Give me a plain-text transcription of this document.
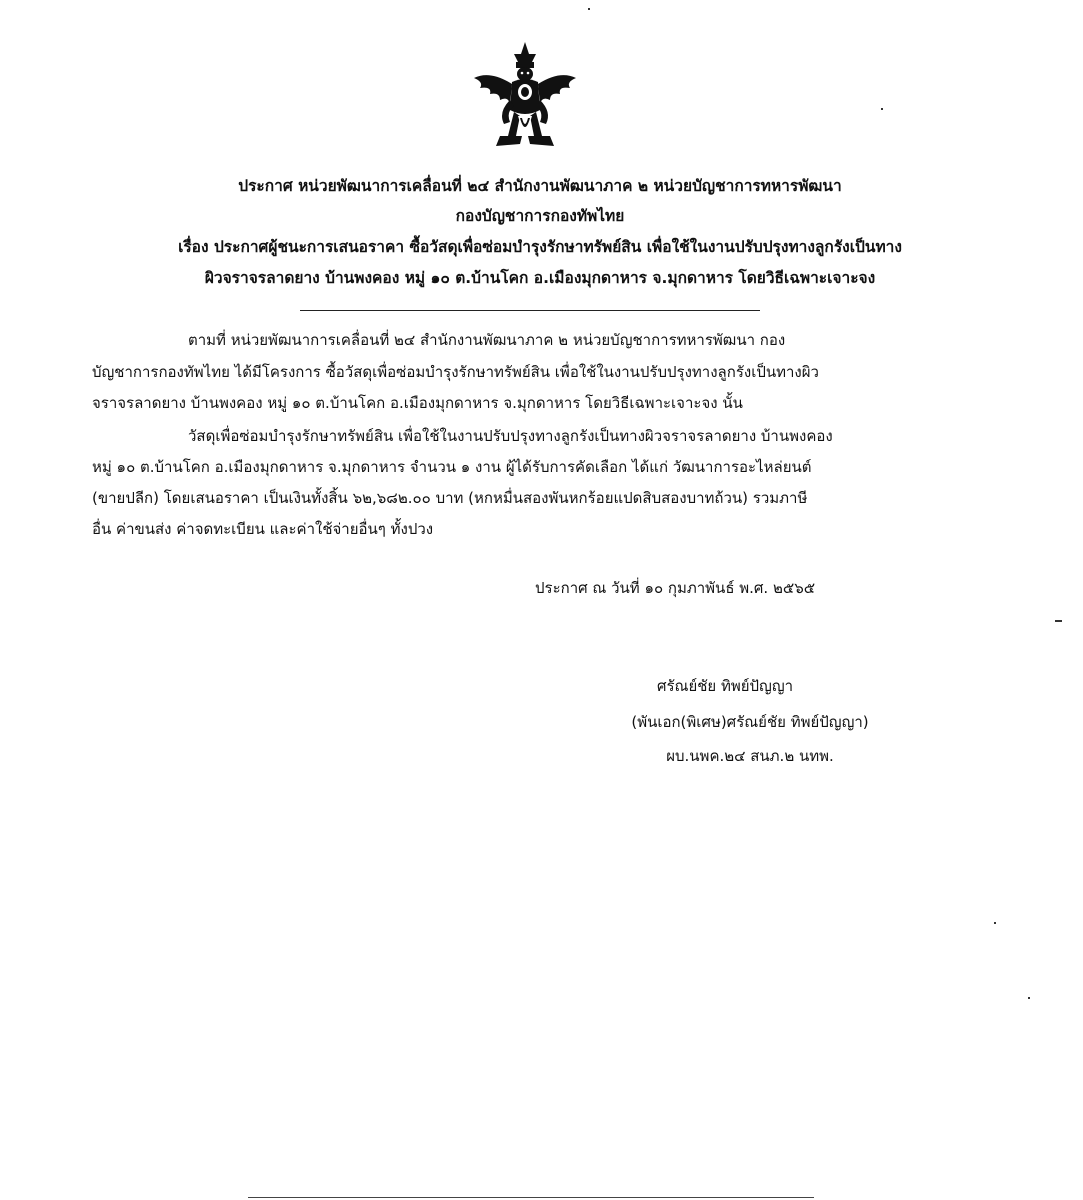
ประกาศ หน่วยพัฒนาการเคลื่อนที่ ๒๔ สำนักงานพัฒนาภาค ๒ หน่วยบัญชาการทหารพัฒนา
กองบัญชาการกองทัพไทย
เรื่อง ประกาศผู้ชนะการเสนอราคา ซื้อวัสดุเพื่อซ่อมบำรุงรักษาทรัพย์สิน เพื่อใช้ในงานปรับปรุงทางลูกรังเป็นทาง
ผิวจราจรลาดยาง บ้านพงคอง หมู่ ๑๐ ต.บ้านโคก อ.เมืองมุกดาหาร จ.มุกดาหาร โดยวิธีเฉพาะเจาะจง
ตามที่ หน่วยพัฒนาการเคลื่อนที่ ๒๔ สำนักงานพัฒนาภาค ๒ หน่วยบัญชาการทหารพัฒนา กอง
บัญชาการกองทัพไทย ได้มีโครงการ ซื้อวัสดุเพื่อซ่อมบำรุงรักษาทรัพย์สิน เพื่อใช้ในงานปรับปรุงทางลูกรังเป็นทางผิว
จราจรลาดยาง บ้านพงคอง หมู่ ๑๐ ต.บ้านโคก อ.เมืองมุกดาหาร จ.มุกดาหาร โดยวิธีเฉพาะเจาะจง นั้น
วัสดุเพื่อซ่อมบำรุงรักษาทรัพย์สิน เพื่อใช้ในงานปรับปรุงทางลูกรังเป็นทางผิวจราจรลาดยาง บ้านพงคอง
หมู่ ๑๐ ต.บ้านโคก อ.เมืองมุกดาหาร จ.มุกดาหาร จำนวน ๑ งาน ผู้ได้รับการคัดเลือก ได้แก่ วัฒนาการอะไหล่ยนต์
(ขายปลีก) โดยเสนอราคา เป็นเงินทั้งสิ้น ๖๒,๖๘๒.๐๐ บาท (หกหมื่นสองพันหกร้อยแปดสิบสองบาทถ้วน) รวมภาษี
อื่น ค่าขนส่ง ค่าจดทะเบียน และค่าใช้จ่ายอื่นๆ ทั้งปวง
ประกาศ ณ วันที่ ๑๐ กุมภาพันธ์ พ.ศ. ๒๕๖๕
ศรัณย์ชัย ทิพย์ปัญญา
(พันเอก(พิเศษ)ศรัณย์ชัย ทิพย์ปัญญา)
ผบ.นพค.๒๔ สนภ.๒ นทพ.
